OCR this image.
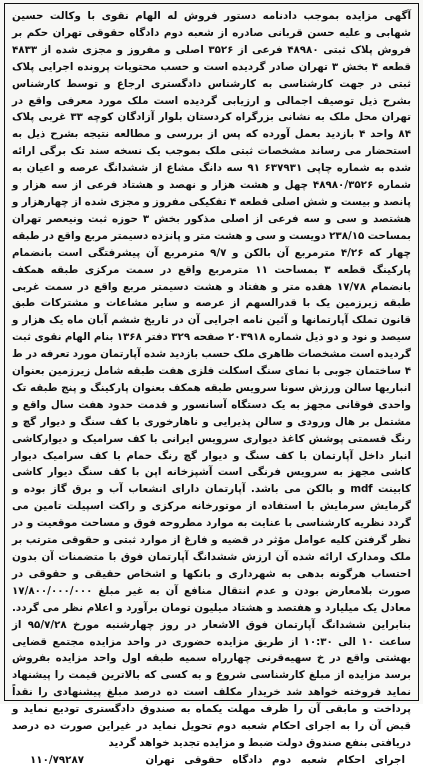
آگهی مزایده بموجب دادنامه دستور فروش له الهام نقوی با وکالت حسین شهابی و علیه حسن قربانی صادره از شعبه دوم دادگاه حقوقی تهران حکم بر فروش پلاک ثبتی ۴۸۹۸۰ فرعی از ۳۵۲۶ اصلی و مفروز و مجزی شده از ۴۸۳۳ قطعه ۴ بخش ۳ تهران صادر گردیده است و حسب محتویات پرونده اجرایی پلاک ثبتی در جهت کارشناسی به کارشناس دادگستری ارجاع و توسط کارشناس بشرح ذیل توصیف اجمالی و ارزیابی گردیده است ملک مورد معرفی واقع در تهران محل ملک به نشانی بزرگراه کردستان بلوار آزادگان کوچه ۳۳ غربی پلاک ۸۴ واحد ۴ بازدید بعمل آورده که پس از بررسی و مطالعه نتیجه بشرح ذیل به استحضار می رساند مشخصات ثبتی ملک بموجب یک نسخه سند تک برگی ارائه شده به شماره چاپی ۶۳۷۹۳۱ ۹۱ سه دانگ مشاع از ششدانگ عرصه و اعیان به شماره ۴۸۹۸۰/۳۵۲۶ چهل و هشت هزار و نهصد و هشتاد فرعی از سه هزار و پانصد و بیست و شش اصلی قطعه ۴ تفکیکی مفروز و مجزی شده از چهارهزار و هشتصد و سی و سه فرعی از اصلی مذکور بخش ۳ حوزه ثبت ونیعصر تهران بمساحت ۲۳۸/۱۵ دویست و سی و هشت متر و پانزده دسیمتر مربع واقع در طبقه چهار که ۴/۲۶ مترمربع آن بالکن و ۹/۷ مترمربع آن پیشرفتگی است بانضمام پارکینگ قطعه ۳ بمساحت ۱۱ مترمربع واقع در سمت مرکزی طبقه همکف بانضمام ۱۷/۷۸ هفده متر و هفتاد و هشت دسیمتر مربع واقع در سمت غربی طبقه زیرزمین یک با قدرالسهم از عرصه و سایر مشاعات و مشترکات طبق قانون تملک آپارتمانها و آئین نامه اجرایی آن در تاریخ ششم آبان ماه یک هزار و سیصد و نود و دو ذیل شماره ۲۰۳۹۱۸ صفحه ۳۲۹ دفتر ۱۳۶۸ بنام الهام نقوی ثبت گردیده است مشخصات ظاهری ملک حسب بازدید شده آپارتمان مورد تعرفه در ط ۴ ساختمان جوبی با نمای سنگ اسکلت فلزی هفت طبقه شامل زیرزمین بعنوان انباریها سالن ورزش سونا سرویس طبقه همکف بعنوان پارکینگ و پنج طبقه تک واحدی فوقانی مجهز به یک دستگاه آسانسور و قدمت حدود هفت سال واقع و مشتمل بر هال ورودی و سالن پذیرایی و ناهارخوری با کف سنگ و دیوار گچ و رنگ قسمتی پوشش کاغذ دیواری سرویس ایرانی با کف سرامیک و دیوارکاشی انبار داخل آپارتمان با کف سنگ و دیوار گچ رنگ حمام با کف سرامیک دیوار کاشی مجهز به سرویس فرنگی است آشپزخانه اپن با کف سنگ دیوار کاشی کابینت mdf و بالکن می باشد. آپارتمان دارای انشعاب آب و برق گاز بوده و گرمایش سرمایش با استفاده از موتورخانه مرکزی و راکت اسپیلت تامین می گردد نظریه کارشناسی با عنایت به موارد مطروحه فوق و مساحت موقعیت و در نظر گرفتن کلیه عوامل مؤثر در قضیه و فارغ از موارد ثبتی و حقوقی مترتب بر ملک ومدارک ارائه شده آن ارزش ششدانگ آپارتمان فوق با متضمنات آن بدون احتساب هرگونه بدهی به شهرداری و بانکها و اشخاص حقیقی و حقوقی در صورت بلامعارض بودن و عدم انتقال منافع آن به غیر مبلغ ۱۷/۸۰۰/۰۰۰/۰۰۰ معادل یک میلیارد و هفتصد و هشتاد میلیون تومان برآورد و اعلام نظر می گردد. بنابراین ششدانگ آپارتمان فوق الاشعار در روز چهارشنبه مورخ ۹۵/۷/۲۸ از ساعت ۱۰ الی ۱۰:۳۰ از طریق مزایده حضوری در واحد مزایده مجتمع قضایی بهشتی واقع در خ سهیه‌قرنی چهارراه سمیه طبقه اول واحد مزایده بفروش برسد مزایده از مبلغ کارشناسی شروع و به کسی که بالاترین قیمت را پیشنهاد نماید فروخته خواهد شد خریدار مکلف است ده درصد مبلغ پیشنهادی را نقداً پرداخت و مابقی آن را ظرف مهلت یکماه به صندوق دادگستری تودیع نماید و قبض آن را به اجرای احکام شعبه دوم تحویل نماید در غیراین صورت ده درصد دریافتی بنفع صندوق دولت ضبط و مزایده تجدید خواهد گردید

اجرای احکام شعبه دوم دادگاه حقوقی تهران
۱۱۰/۷۹۲۸۷
